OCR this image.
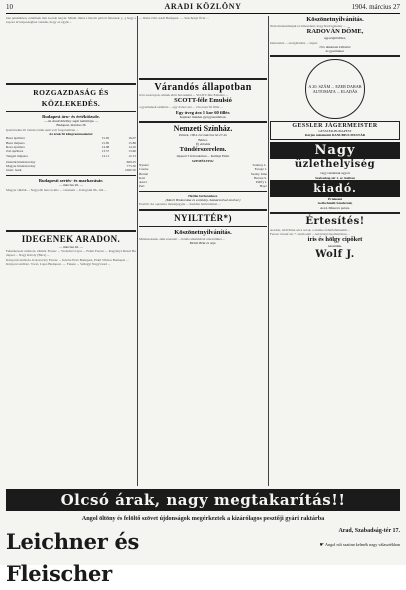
10	ARADI KÖZLÖNY	1904. március 27
ban pénzükben, remélnek már Gonda tanyát. Minál, mind a három pártolt feltetnek. [...] hogy szapora érvényességben vannak, hogy az egyik ...
ROZGAZDASÁG ÉS KÖZLEKEDÉS.
Budapest áru- és értéktőzsde.
— Az Aradi Közlöny saját tudósítója. —
Budapest, március 26
Ipartőzsdén 20 tőzsdei érték nem volt forgalomban ...
Az áruk 50 kilogrammonként:
Buza áprilisra	15.95	16.07
Buza májusra	15.85	15.86
Rozs áprilisra	14.08	14.10
Zab áprilisra	13.57	13.60
Tengeri májusra	12.11	12.13
Osztrák hitelrészvény	669.25
Magyar hitelrészvény	775.50
Osztr. bank	1060.50
Budapesti sertés- és marhavásár.
— március 26. —
Magyar süldők ... Nagyobb harcos kilo ... vésznem ... Kilogram 96–104 ...
IDEGENEK ARADON.
— március 26. —
Fehérkereszt szálloda. Ottmár Ferenc ... Wolschel Lajos ... Fehér Ferenc ... Rogyányi Dezső Budapest ... Nagy Károly (Bécs) ...
Központi szálloda. Kolozsváry Ferenc ... Körösi Ernő Budapest, Prahl Vilmos Budapest ...
Központ szállotó. Vocsi, Lajos Budapest. — Fekete ... Szilágyi Nagyvárad ...
— Ruhe Ottó aradi Budapest. — Széchenyi fivér ...
Várandós állapotban
levő asszonyok, minek előtt havonként ... SCOTT-féle Emulsió ...
SCOTT-féle Emulsió
a gyermekek számára ... egy doboz ára ... 2 korona 50 fillér ...
Egy üveg ára 1 kor 60 fillér.
Kapható minden gyógyszertárban.
Nemzeti Színház.
Péntek, 1904. évi március hó 27-én
Bérlet.
Új előadás
Tündérszerelem.
Operett 3 felvonásban ... Kulinyi Emil.
SZEMÉLYEK:
Nyuszi	Szalkay L.
Cserne	Faragó J.
Bernát	Szalay Irma
Kati	Hevesi S.
Ansci	Pálffy I.
Peri	Hayó
Hétfőn bérletszünet.
(Marét Brokovszka és a kislány. Szakácsnéval zenével.)
Ezelőtt: Az operettre menetjegyek ... Kedden bérletszünet ...
NYILTTÉR*)
Köszönetnyilvánítás.
Mindazoknak, akik szeretett ... halála alkalmával részvétüket ...
Birbin Béla és neje.
Köszönetnyilvánítás.
Nem mulaszthatjuk el elmondani, hogy Radovánszky ...
RADOVÁN DÖME,
ügyvédjelölthez,
Ismeretlen ... szolgálatába ... lépett.
Orv. Radován Döméné
és gyermekei.
A 20. SZÁM ... EZER DARAB AUTOMATA ... ELADÁS
GESSLER JÁGERMEISTER
GESSLER-BUDAPEST
Kérjen mindenütt DANUBIUS MUSTÁR
Nagy
üzlethelyiség
vagy raktárnak ugyott
Szabadság-tér 1. sz. házban
kiadó.
Értekezni
Golfschmidt Sándornál,
Arad, Minerva palota.
Értesítés!
Aradon, Aldi Péter-utca sarok, a számos fehérfehérnemű ...
Ferenc József-tér 7. szám alatt ... két könyvnyomtatóban ...
iris és hölgy cipőket
készítünk.
Wolf J.
Olcsó árak, nagy megtakarítás!!
Angol öltöny és felöltő szövet újdonságok megérkeztek a kizárólagos pesztőji gyári raktárba
Leichner és Fleischer
Arad, Szabadság-tér 17.
☛ Angol női szatinn kelmék nagy választékban
